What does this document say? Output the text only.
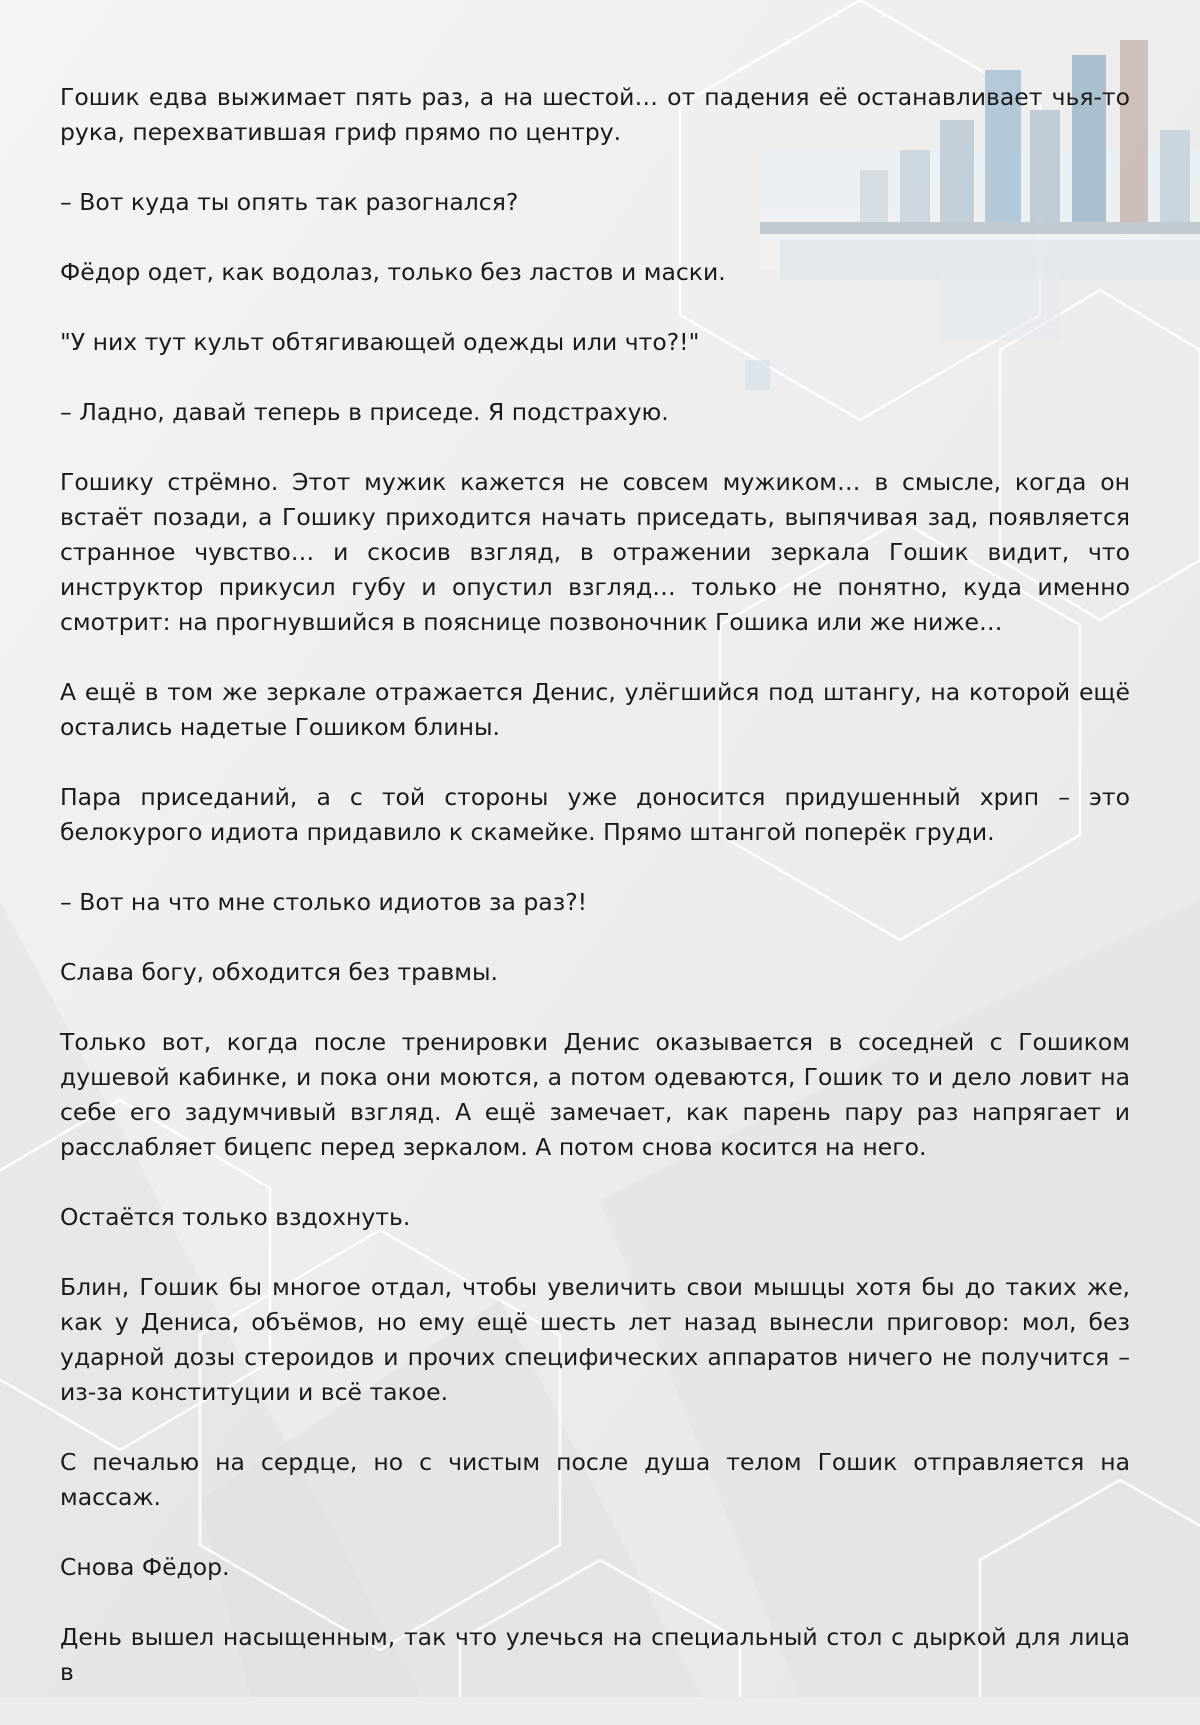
Гошик едва выжимает пять раз, а на шестой… от падения её останавливает чья-то рука, перехватившая гриф прямо по центру.

– Вот куда ты опять так разогнался?

Фёдор одет, как водолаз, только без ластов и маски.

"У них тут культ обтягивающей одежды или что?!"

– Ладно, давай теперь в приседе. Я подстрахую.

Гошику стрёмно. Этот мужик кажется не совсем мужиком… в смысле, когда он встаёт позади, а Гошику приходится начать приседать, выпячивая зад, появляется странное чувство… и скосив взгляд, в отражении зеркала Гошик видит, что инструктор прикусил губу и опустил взгляд… только не понятно, куда именно смотрит: на прогнувшийся в пояснице позвоночник Гошика или же ниже…

А ещё в том же зеркале отражается Денис, улёгшийся под штангу, на которой ещё остались надетые Гошиком блины.

Пара приседаний, а с той стороны уже доносится придушенный хрип – это белокурого идиота придавило к скамейке. Прямо штангой поперёк груди.

– Вот на что мне столько идиотов за раз?!

Слава богу, обходится без травмы.

Только вот, когда после тренировки Денис оказывается в соседней с Гошиком душевой кабинке, и пока они моются, а потом одеваются, Гошик то и дело ловит на себе его задумчивый взгляд. А ещё замечает, как парень пару раз напрягает и расслабляет бицепс перед зеркалом. А потом снова косится на него.

Остаётся только вздохнуть.

Блин, Гошик бы многое отдал, чтобы увеличить свои мышцы хотя бы до таких же, как у Дениса, объёмов, но ему ещё шесть лет назад вынесли приговор: мол, без ударной дозы стероидов и прочих специфических аппаратов ничего не получится – из-за конституции и всё такое.

С печалью на сердце, но с чистым после душа телом Гошик отправляется на массаж.

Снова Фёдор.

День вышел насыщенным, так что улечься на специальный стол с дыркой для лица в
